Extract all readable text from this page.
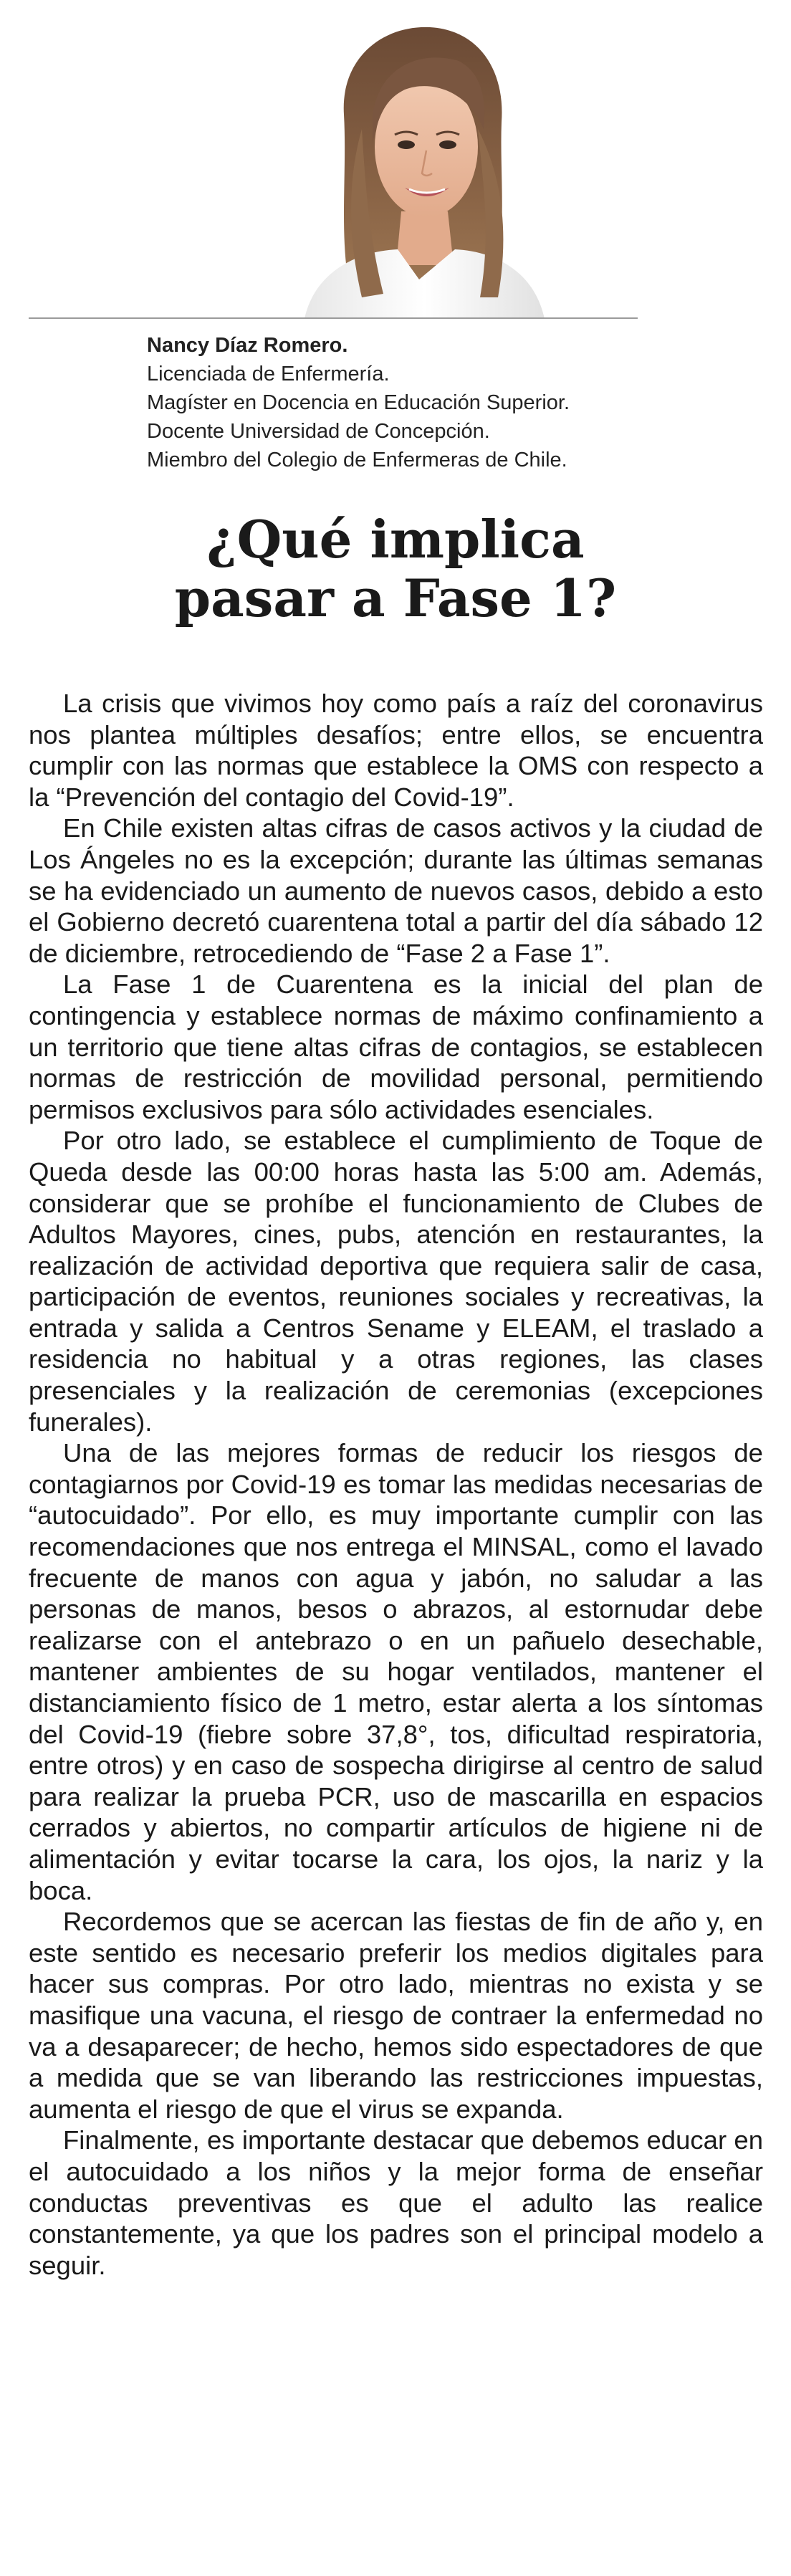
Nancy Díaz Romero.
Licenciada de Enfermería.
Magíster en Docencia en Educación Superior.
Docente Universidad de Concepción.
Miembro del Colegio de Enfermeras de Chile.
¿Qué implica
pasar a Fase 1?

La crisis que vivimos hoy como país a raíz del coronavirus nos plantea múltiples desafíos; entre ellos, se encuentra cumplir con las normas que establece la OMS con respecto a la “Prevención del contagio del Covid-19”.

En Chile existen altas cifras de casos activos y la ciudad de Los Ángeles no es la excepción; durante las últimas semanas se ha evidenciado un aumento de nuevos casos, debido a esto el Gobierno decretó cuarentena total a partir del día sábado 12 de diciembre, retrocediendo de “Fase 2 a Fase 1”.

La Fase 1 de Cuarentena es la inicial del plan de contingencia y establece normas de máximo confinamiento a un territorio que tiene altas cifras de contagios, se establecen normas de restricción de movilidad personal, permitiendo permisos exclusivos para sólo actividades esenciales.

Por otro lado, se establece el cumplimiento de Toque de Queda desde las 00:00 horas hasta las 5:00 am. Además, considerar que se prohíbe el funcionamiento de Clubes de Adultos Mayores, cines, pubs, atención en restaurantes, la realización de actividad deportiva que requiera salir de casa, participación de eventos, reuniones sociales y recreativas, la entrada y salida a Centros Sename y ELEAM, el traslado a residencia no habitual y a otras regiones, las clases presenciales y la realización de ceremonias (excepciones funerales).

Una de las mejores formas de reducir los riesgos de contagiarnos por Covid-19 es tomar las medidas necesarias de “autocuidado”. Por ello, es muy importante cumplir con las recomendaciones que nos entrega el MINSAL, como el lavado frecuente de manos con agua y jabón, no saludar a las personas de manos, besos o abrazos, al estornudar debe realizarse con el antebrazo o en un pañuelo desechable, mantener ambientes de su hogar ventilados, mantener el distanciamiento físico de 1 metro, estar alerta a los síntomas del Covid-19 (fiebre sobre 37,8°, tos, dificultad respiratoria, entre otros) y en caso de sospecha dirigirse al centro de salud para realizar la prueba PCR, uso de mascarilla en espacios cerrados y abiertos, no compartir artículos de higiene ni de alimentación y evitar tocarse la cara, los ojos, la nariz y la boca.

Recordemos que se acercan las fiestas de fin de año y, en este sentido es necesario preferir los medios digitales para hacer sus compras. Por otro lado, mientras no exista y se masifique una vacuna, el riesgo de contraer la enfermedad no va a desaparecer; de hecho, hemos sido espectadores de que a medida que se van liberando las restricciones impuestas, aumenta el riesgo de que el virus se expanda.

Finalmente, es importante destacar que debemos educar en el autocuidado a los niños y la mejor forma de enseñar conductas preventivas es que el adulto las realice constantemente, ya que los padres son el principal modelo a seguir.
